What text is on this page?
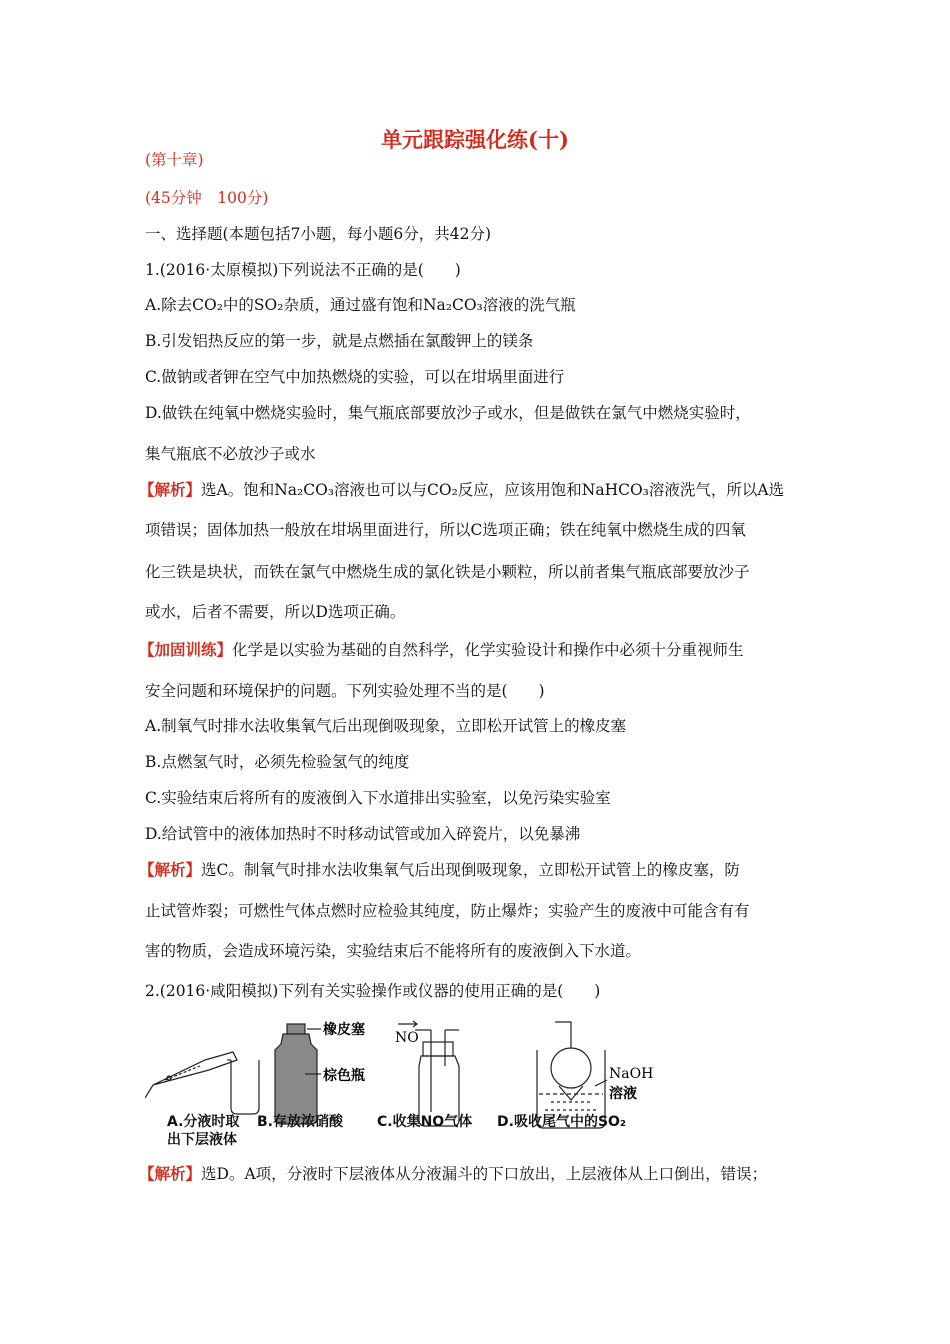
单元跟踪强化练(十)
(第十章)
(45分钟　100分)
一、选择题(本题包括7小题，每小题6分，共42分)
1.(2016·太原模拟)下列说法不正确的是(　　)
A.除去CO₂中的SO₂杂质，通过盛有饱和Na₂CO₃溶液的洗气瓶
B.引发铝热反应的第一步，就是点燃插在氯酸钾上的镁条
C.做钠或者钾在空气中加热燃烧的实验，可以在坩埚里面进行
D.做铁在纯氧中燃烧实验时，集气瓶底部要放沙子或水，但是做铁在氯气中燃烧实验时，
集气瓶底不必放沙子或水
【解析】选A。饱和Na₂CO₃溶液也可以与CO₂反应，应该用饱和NaHCO₃溶液洗气，所以A选
项错误；固体加热一般放在坩埚里面进行，所以C选项正确；铁在纯氧中燃烧生成的四氧
化三铁是块状，而铁在氯气中燃烧生成的氯化铁是小颗粒，所以前者集气瓶底部要放沙子
或水，后者不需要，所以D选项正确。
【加固训练】化学是以实验为基础的自然科学，化学实验设计和操作中必须十分重视师生
安全问题和环境保护的问题。下列实验处理不当的是(　　)
A.制氧气时排水法收集氧气后出现倒吸现象，立即松开试管上的橡皮塞
B.点燃氢气时，必须先检验氢气的纯度
C.实验结束后将所有的废液倒入下水道排出实验室，以免污染实验室
D.给试管中的液体加热时不时移动试管或加入碎瓷片，以免暴沸
【解析】选C。制氧气时排水法收集氧气后出现倒吸现象，立即松开试管上的橡皮塞，防
止试管炸裂；可燃性气体点燃时应检验其纯度，防止爆炸；实验产生的废液中可能含有有
害的物质，会造成环境污染，实验结束后不能将所有的废液倒入下水道。
2.(2016·咸阳模拟)下列有关实验操作或仪器的使用正确的是(　　)
橡皮塞
棕色瓶
NO
NaOH
溶液
A.分液时取
出下层液体
B.存放浓硝酸 C.收集NO气体 D.吸收尾气中的SO₂
【解析】选D。A项，分液时下层液体从分液漏斗的下口放出，上层液体从上口倒出，错误；
